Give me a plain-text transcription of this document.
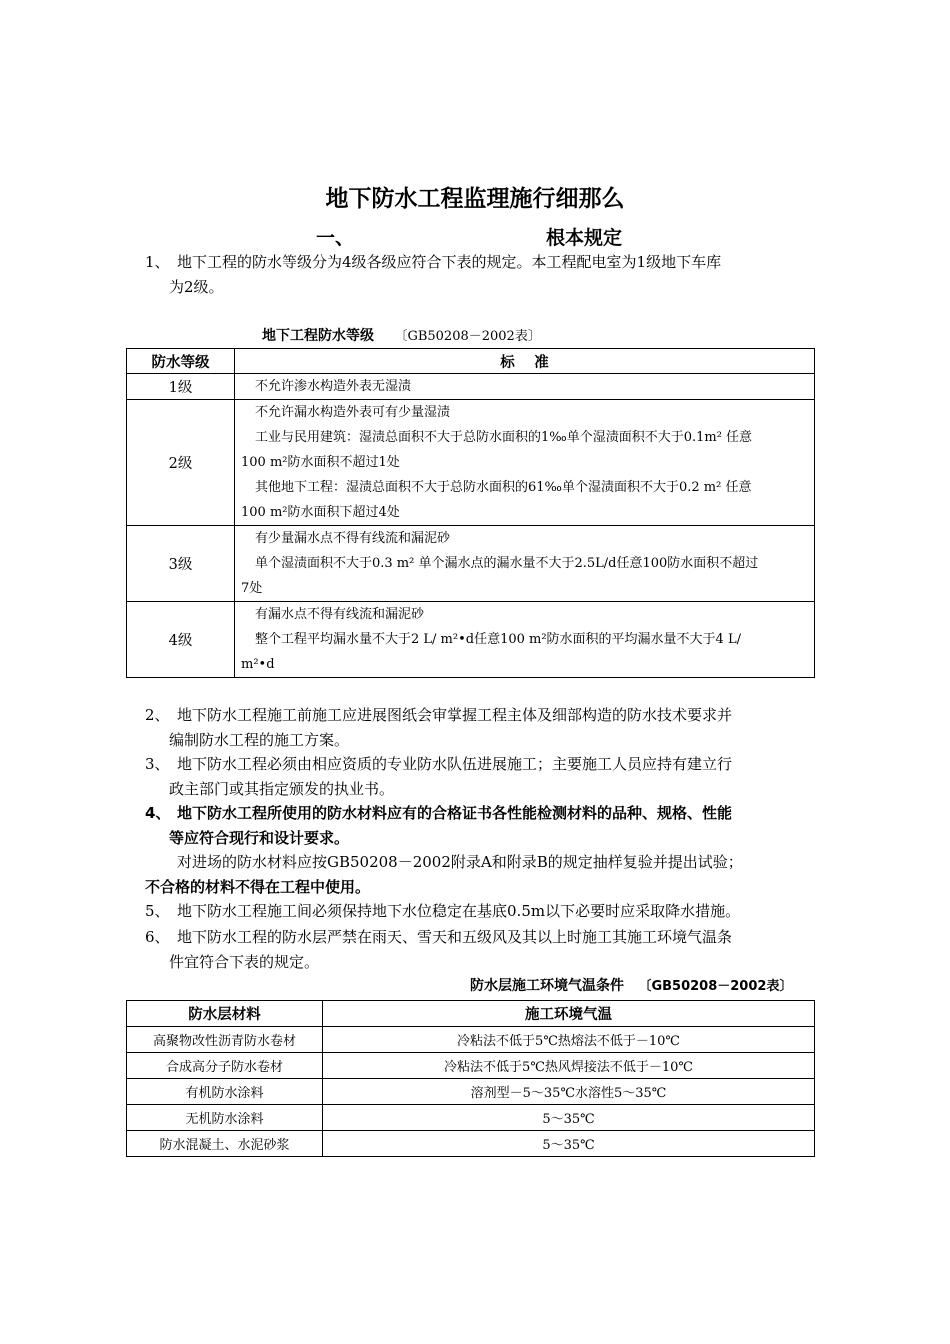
地下防水工程监理施行细那么
一、	根本规定
1、 地下工程的防水等级分为4级各级应符合下表的规定。本工程配电室为1级地下车库
为2级。
地下工程防水等级 〔GB50208－2002表〕
防水等级	标　 准
1级	不允许渗水构造外表无湿渍

2级	不允许漏水构造外表可有少量湿渍
工业与民用建筑：湿渍总面积不大于总防水面积的1‰单个湿渍面积不大于0.1m² 任意
100 m²防水面积不超过1处
其他地下工程：湿渍总面积不大于总防水面积的61‰单个湿渍面积不大于0.2 m² 任意
100 m²防水面积下超过4处

3级	有少量漏水点不得有线流和漏泥砂
单个湿渍面积不大于0.3 m² 单个漏水点的漏水量不大于2.5L/d任意100防水面积不超过
7处

4级	有漏水点不得有线流和漏泥砂
整个工程平均漏水量不大于2 L/ m²•d任意100 m²防水面积的平均漏水量不大于4 L/
m²•d
2、 地下防水工程施工前施工应进展图纸会审掌握工程主体及细部构造的防水技术要求并
编制防水工程的施工方案。
3、 地下防水工程必须由相应资质的专业防水队伍进展施工；主要施工人员应持有建立行
政主部门或其指定颁发的执业书。
4、 地下防水工程所使用的防水材料应有的合格证书各性能检测材料的品种、规格、性能
等应符合现行和设计要求。
对进场的防水材料应按GB50208－2002附录A和附录B的规定抽样复验并提出试验；
不合格的材料不得在工程中使用。
5、 地下防水工程施工间必须保持地下水位稳定在基底0.5m以下必要时应采取降水措施。
6、 地下防水工程的防水层严禁在雨天、雪天和五级风及其以上时施工其施工环境气温条
件宜符合下表的规定。
防水层施工环境气温条件 〔GB50208－2002表〕
防水层材料	施工环境气温
高聚物改性沥青防水卷材	冷粘法不低于5℃热熔法不低于－10℃
合成高分子防水卷材	冷粘法不低于5℃热风焊接法不低于－10℃
有机防水涂料	溶剂型－5～35℃水溶性5～35℃
无机防水涂料	5～35℃
防水混凝土、水泥砂浆	5～35℃
